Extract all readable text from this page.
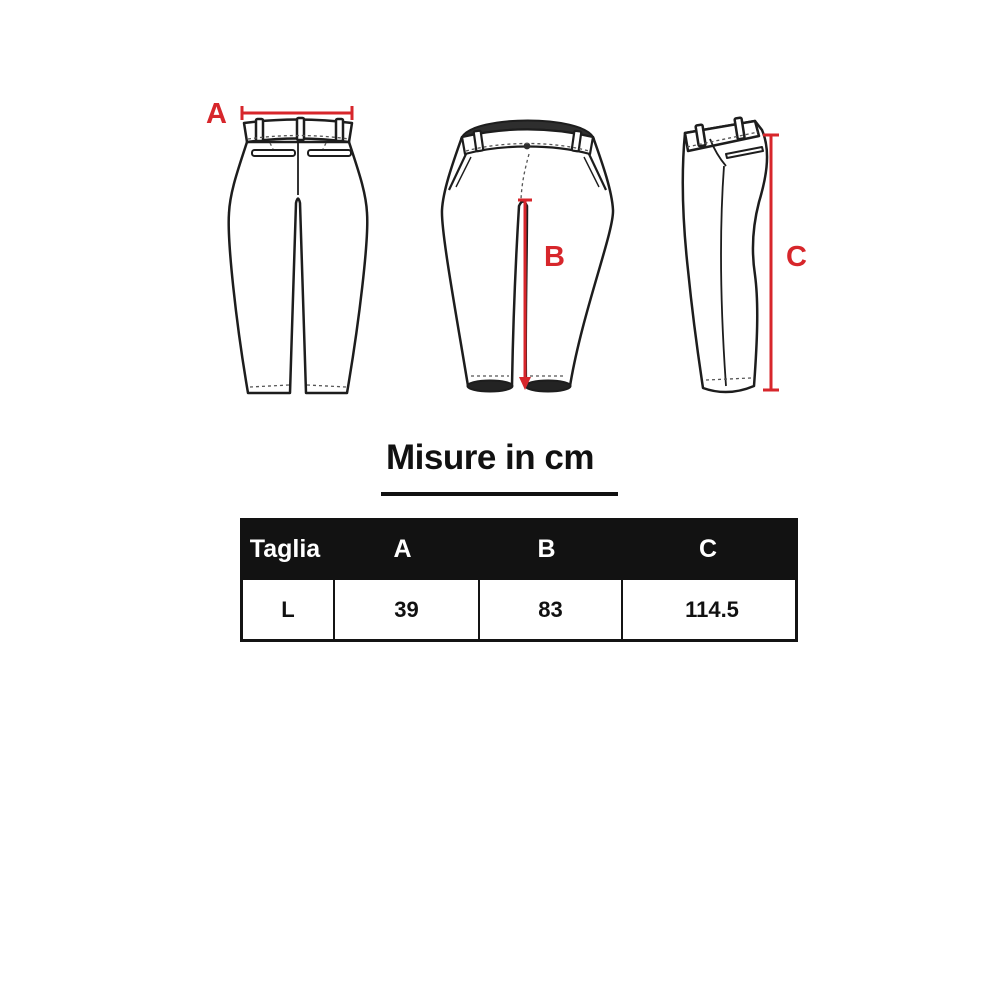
A
B	C
Misure in cm
Taglia	A	B	C
L	39	83	114.5
